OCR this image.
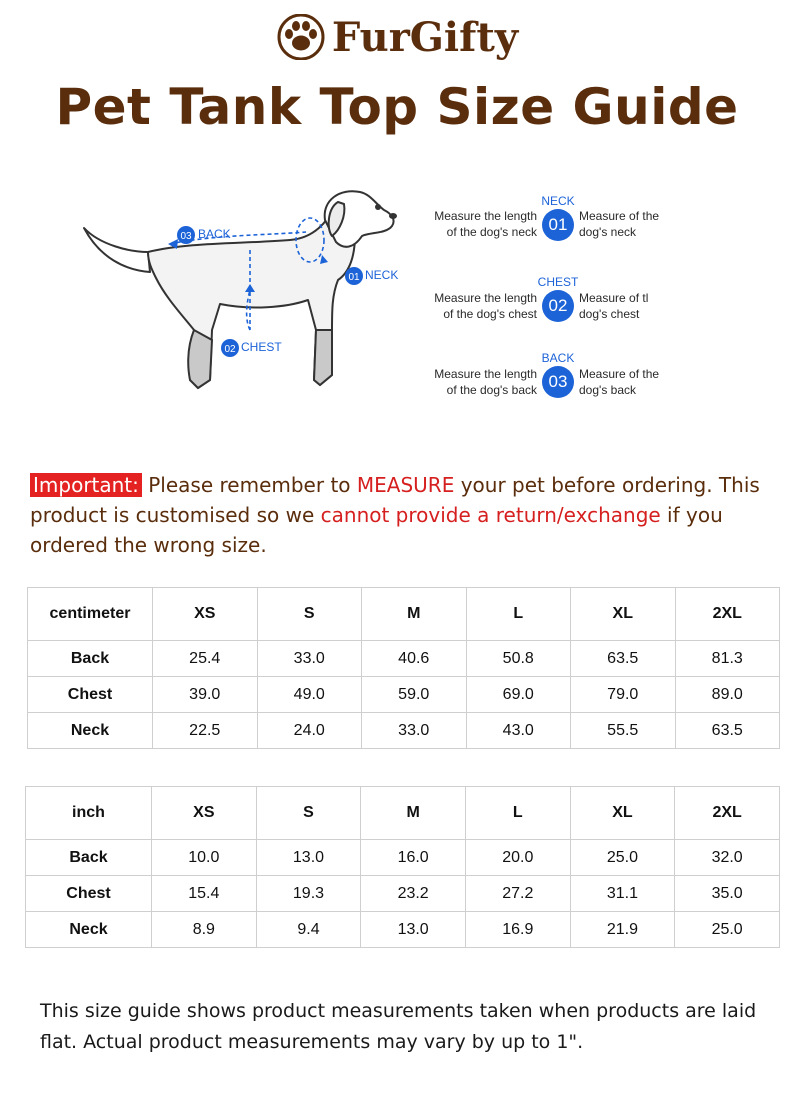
FurGifty
Pet Tank Top Size Guide
03 BACK
01 NECK
02 CHEST
NECK
Measure the length
of the dog's neck 01 Measure of the
dog's neck
CHEST
Measure the length
of the dog's chest 02 Measure of tl
dog's chest
BACK
Measure the length
of the dog's back 03 Measure of the
dog's back
Important: Please remember to MEASURE your pet before ordering. This product is customised so we cannot provide a return/exchange if you ordered the wrong size.
centimeter	XS	S	M	L	XL	2XL
Back	25.4	33.0	40.6	50.8	63.5	81.3
Chest	39.0	49.0	59.0	69.0	79.0	89.0
Neck	22.5	24.0	33.0	43.0	55.5	63.5
inch	XS	S	M	L	XL	2XL
Back	10.0	13.0	16.0	20.0	25.0	32.0
Chest	15.4	19.3	23.2	27.2	31.1	35.0
Neck	8.9	9.4	13.0	16.9	21.9	25.0
This size guide shows product measurements taken when products are laid flat. Actual product measurements may vary by up to 1".
